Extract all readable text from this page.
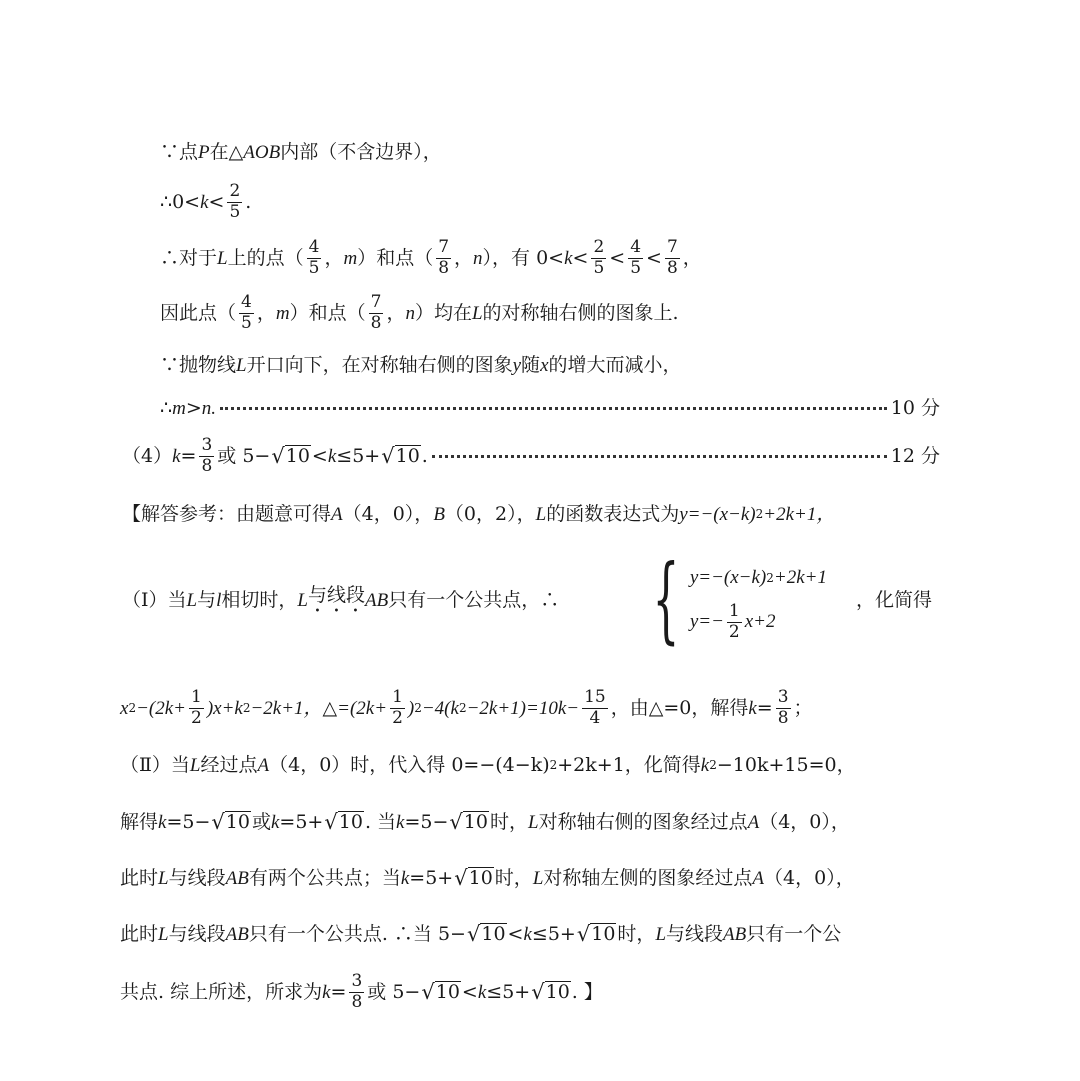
∵点 P 在△ AOB 内部（不含边界），
∴0< $k < \frac{2}{5}$ .
∴对于 L 上的点（ $\frac{4}{5}$ ， m ）和点（ $\frac{7}{8}$ ， n ），有 $0< k < \frac{2}{5} < \frac{4}{5} < \frac{7}{8}$ ，
因此点（ $\frac{4}{5}$ ， m ）和点（ $\frac{7}{8}$ ， n ）均在 L 的对称轴右侧的图象上.
∵抛物线 L 开口向下，在对称轴右侧的图象 y 随 x 的增大而减小，
∴ m > n.	10 分
（4） $k = \frac{3}{8}$ 或 5− √ 10 < k ≤5+ √ 10 .	12 分
【解答参考：由题意可得 A （4，0）， B （0，2）， L 的函数表达式为 y=−(x−k) 2 +2k+1，
（Ⅰ）当 L 与 l 相切时， L 与线段 AB 只有一个公共点，∴ { y=−(x−k) 2 +2k+1
$y=- \frac{1}{2} x+2$
，化简得
x $2 -(2k+ \frac{1}{2} )x+k$ 2 −2k+1，△=(2k+ $\frac{1}{2}$ ) 2 −4(k $2 -2k+1)=10k- \frac{15}{4}$ ，由△=0，解得 $k = \frac{3}{8}$ ；
（Ⅱ）当 L 经过点 A （4，0）时，代入得 0=−(4−k) 2 +2k+1，化简得 k 2 −10k+15=0，
解得 k =5− √ 10 或 k =5+ √ 10 . 当 k =5− √ 10 时， L 对称轴右侧的图象经过点 A （4，0），
此时 L 与线段 AB 有两个公共点；当 k =5+ √ 10 时， L 对称轴左侧的图象经过点 A （4，0），
此时 L 与线段 AB 只有一个公共点. ∴当 5− √ 10 < k ≤5+ √ 10 时， L 与线段 AB 只有一个公
共点. 综上所述，所求为 $k = \frac{3}{8}$ 或 5− √ 10 < k ≤5+ √ 10 . 】
